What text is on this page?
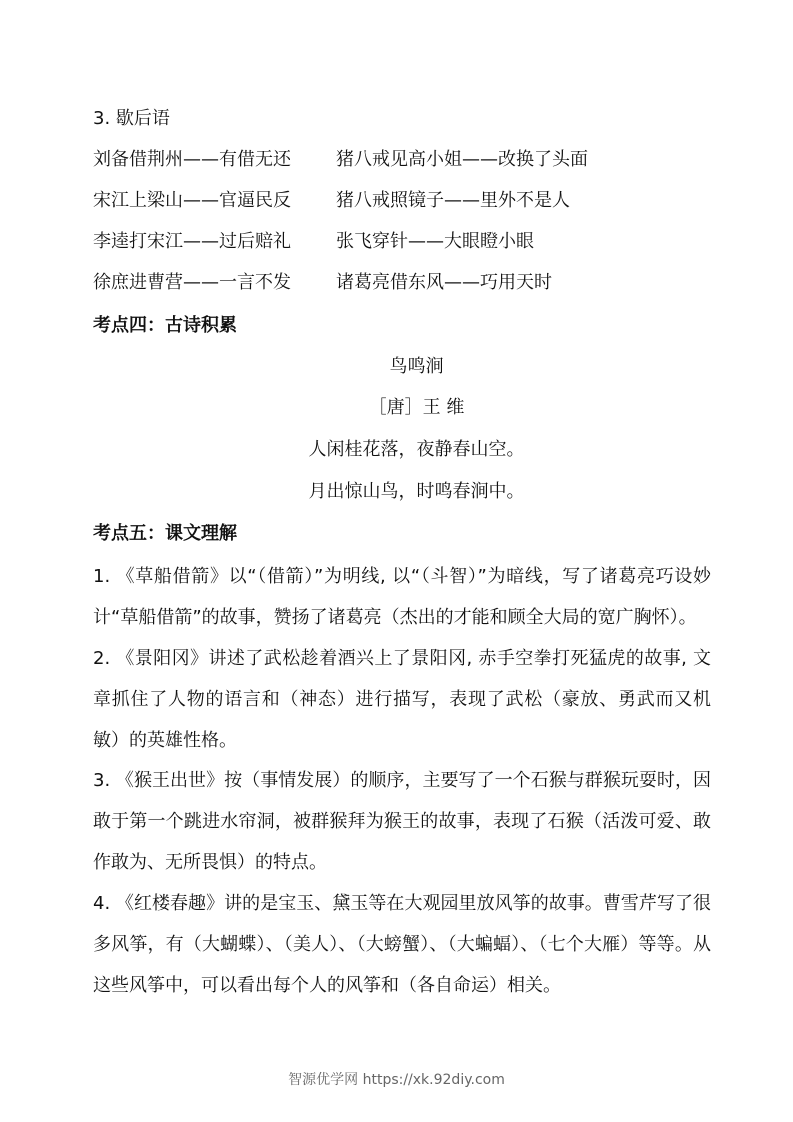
3. 歇后语
刘备借荆州——有借无还	猪八戒见高小姐——改换了头面
宋江上梁山——官逼民反	猪八戒照镜子——里外不是人
李逵打宋江——过后赔礼	张飞穿针——大眼瞪小眼
徐庶进曹营——一言不发	诸葛亮借东风——巧用天时
考点四：古诗积累
鸟鸣涧
［唐］王 维
人闲桂花落，夜静春山空。
月出惊山鸟，时鸣春涧中。
考点五：课文理解
1. 《草船借箭》以“（借箭）”为明线, 以“（斗智）”为暗线，写了诸葛亮巧设妙计“草船借箭”的故事，赞扬了诸葛亮（杰出的才能和顾全大局的宽广胸怀）。
2. 《景阳冈》讲述了武松趁着酒兴上了景阳冈, 赤手空拳打死猛虎的故事, 文章抓住了人物的语言和（神态）进行描写，表现了武松（豪放、勇武而又机敏）的英雄性格。
3. 《猴王出世》按（事情发展）的顺序，主要写了一个石猴与群猴玩耍时，因敢于第一个跳进水帘洞，被群猴拜为猴王的故事，表现了石猴（活泼可爱、敢作敢为、无所畏惧）的特点。
4. 《红楼春趣》讲的是宝玉、黛玉等在大观园里放风筝的故事。曹雪芹写了很多风筝，有（大蝴蝶）、（美人）、（大螃蟹）、（大蝙蝠）、（七个大雁）等等。从这些风筝中，可以看出每个人的风筝和（各自命运）相关。
智源优学网 https://xk.92diy.com
